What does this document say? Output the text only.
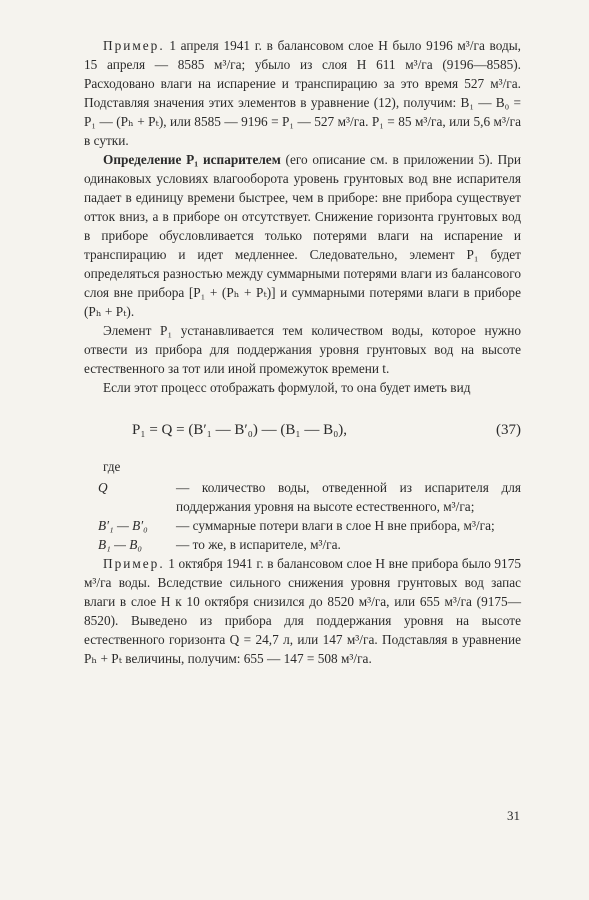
Пример. 1 апреля 1941 г. в балансовом слое H было 9196 м³/га воды, 15 апреля — 8585 м³/га; убыло из слоя H 611 м³/га (9196—8585). Расходовано влаги на испарение и транспирацию за это время 527 м³/га. Подставляя значения этих элементов в уравнение (12), получим: B₁ — B₀ = P₁ — (Pₕ + Pₜ), или 8585 — 9196 = P₁ — 527 м³/га. P₁ = 85 м³/га, или 5,6 м³/га в сутки.

Определение P₁ испарителем (его описание см. в приложении 5). При одинаковых условиях влагооборота уровень грунтовых вод вне испарителя падает в единицу времени быстрее, чем в приборе: вне прибора существует отток вниз, а в приборе он отсутствует. Снижение горизонта грунтовых вод в приборе обусловливается только потерями влаги на испарение и транспирацию и идет медленнее. Следовательно, элемент P₁ будет определяться разностью между суммарными потерями влаги из балансового слоя вне прибора [P₁ + (Pₕ + Pₜ)] и суммарными потерями влаги в приборе (Pₕ + Pₜ).

Элемент P₁ устанавливается тем количеством воды, которое нужно отвести из прибора для поддержания уровня грунтовых вод на высоте естественного за тот или иной промежуток времени t.

Если этот процесс отображать формулой, то она будет иметь вид

P₁ = Q = (B′₁ — B′₀) — (B₁ — B₀),	(37)

где

Q	— количество воды, отведенной из испарителя для поддержания уровня на высоте естественного, м³/га;
B′₁ — B′₀	— суммарные потери влаги в слое H вне прибора, м³/га;
B₁ — B₀	— то же, в испарителе, м³/га.

Пример. 1 октября 1941 г. в балансовом слое H вне прибора было 9175 м³/га воды. Вследствие сильного снижения уровня грунтовых вод запас влаги в слое H к 10 октября снизился до 8520 м³/га, или 655 м³/га (9175—8520). Выведено из прибора для поддержания уровня на высоте естественного горизонта Q = 24,7 л, или 147 м³/га. Подставляя в уравнение Pₕ + Pₜ величины, получим: 655 — 147 = 508 м³/га.

31
